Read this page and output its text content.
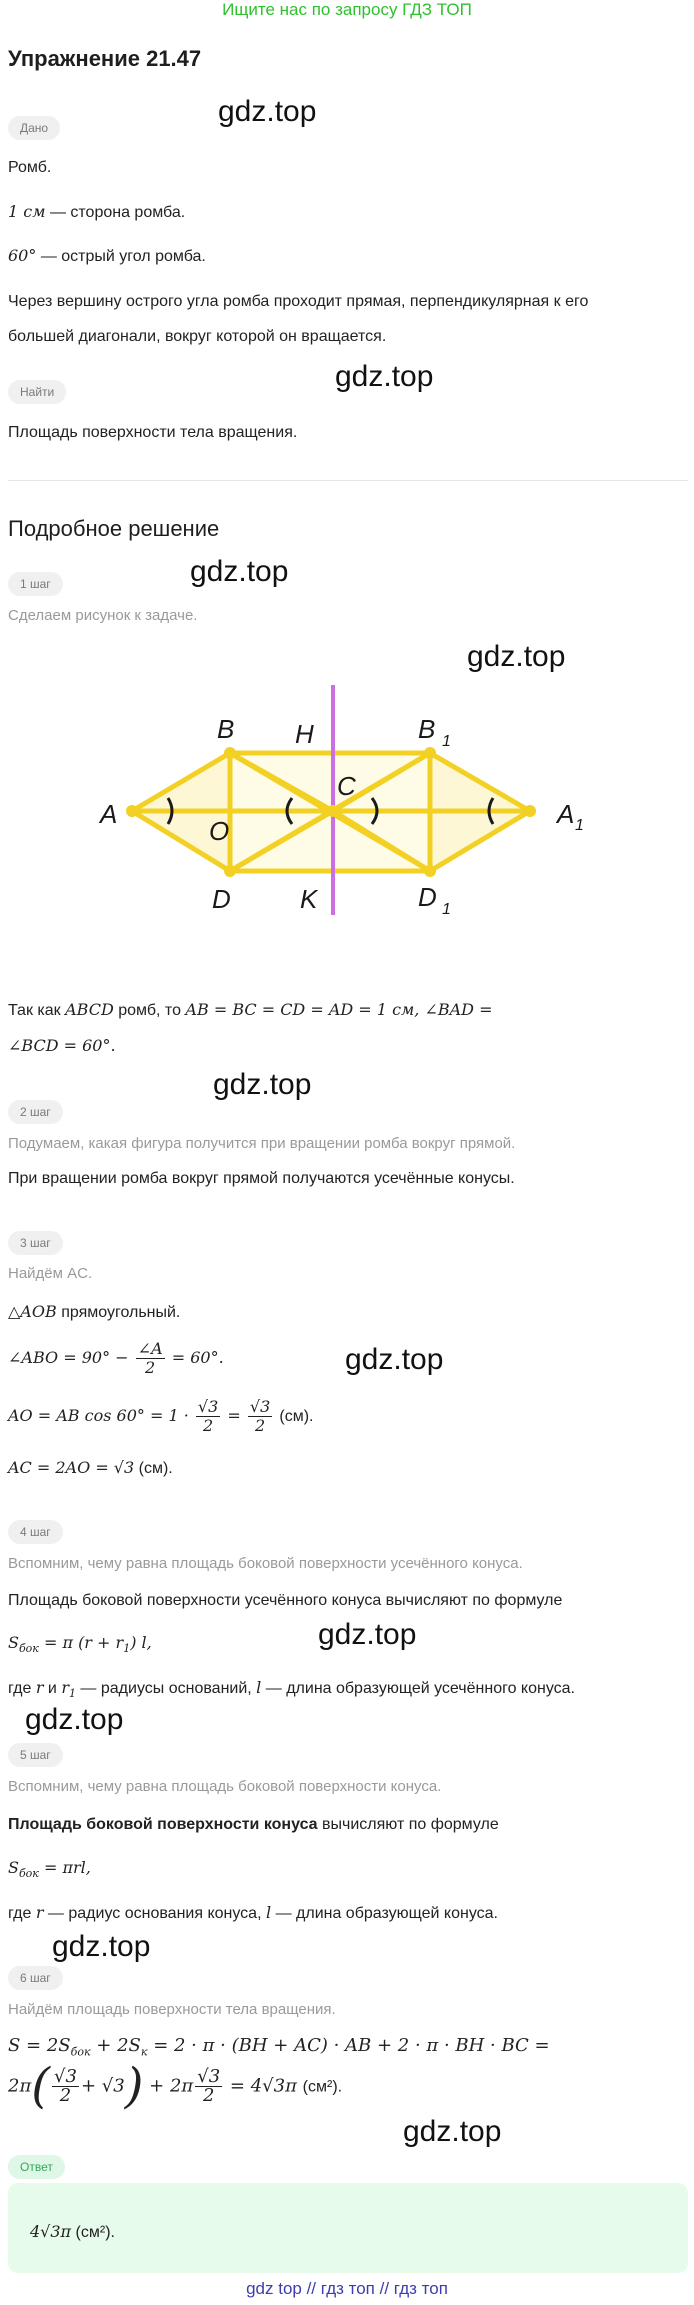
Ищите нас по запросу ГДЗ ТОП
Упражнение 21.47
Дано	gdz.top
Ромб.
1 см — сторона ромба.
60° — острый угол ромба.
Через вершину острого угла ромба проходит прямая, перпендикулярная к его
большей диагонали, вокруг которой он вращается.
Найти	gdz.top
Площадь поверхности тела вращения.
Подробное решение
1 шаг	gdz.top
Сделаем рисунок к задаче.
gdz.top
A
B H	B 1
C
O
A 1
D	K	D 1
Так как ABCD ромб, то AB = BC = CD = AD = 1 см, ∠BAD =
∠BCD = 60°.
gdz.top
2 шаг
Подумаем, какая фигура получится при вращении ромба вокруг прямой.
При вращении ромба вокруг прямой получаются усечённые конусы.
3 шаг
Найдём AC.
△AOB прямоугольный.
∠ABO = $90^\circ - \frac{\angle A}{2} = 60^\circ$.	gdz.top
AO = AB $\cos 60^\circ = 1 \cdot \frac{√3}{2} = \frac{√3}{2} (см)$.
AC = 2AO = √3 (см).
4 шаг
Вспомним, чему равна площадь боковой поверхности усечённого конуса.
Площадь боковой поверхности усечённого конуса вычисляют по формуле
$S_{бок} = \pi$ $(r + r_1)$ l,	gdz.top
где r и $r_1$ — радиусы оснований, l — длина образующей усечённого конуса.
gdz.top
5 шаг
Вспомним, чему равна площадь боковой поверхности конуса.
Площадь боковой поверхности конуса вычисляют по формуле
$S_{бок} = \pi rl$,
где r — радиус основания конуса, l — длина образующей конуса.
gdz.top
6 шаг
Найдём площадь поверхности тела вращения.
$S = 2S_{бок} + 2S_к = 2 \cdot \pi \cdot (BH + AC)$ · AB + 2 · π · BH · BC =
$2\pi( \frac{√3}{2} + √3) + 2\pi \frac{√3}{2} = 4√3\pi$ (см²).
gdz.top
Ответ
4√3π (см²).
gdz top // гдз топ // гдз топ
